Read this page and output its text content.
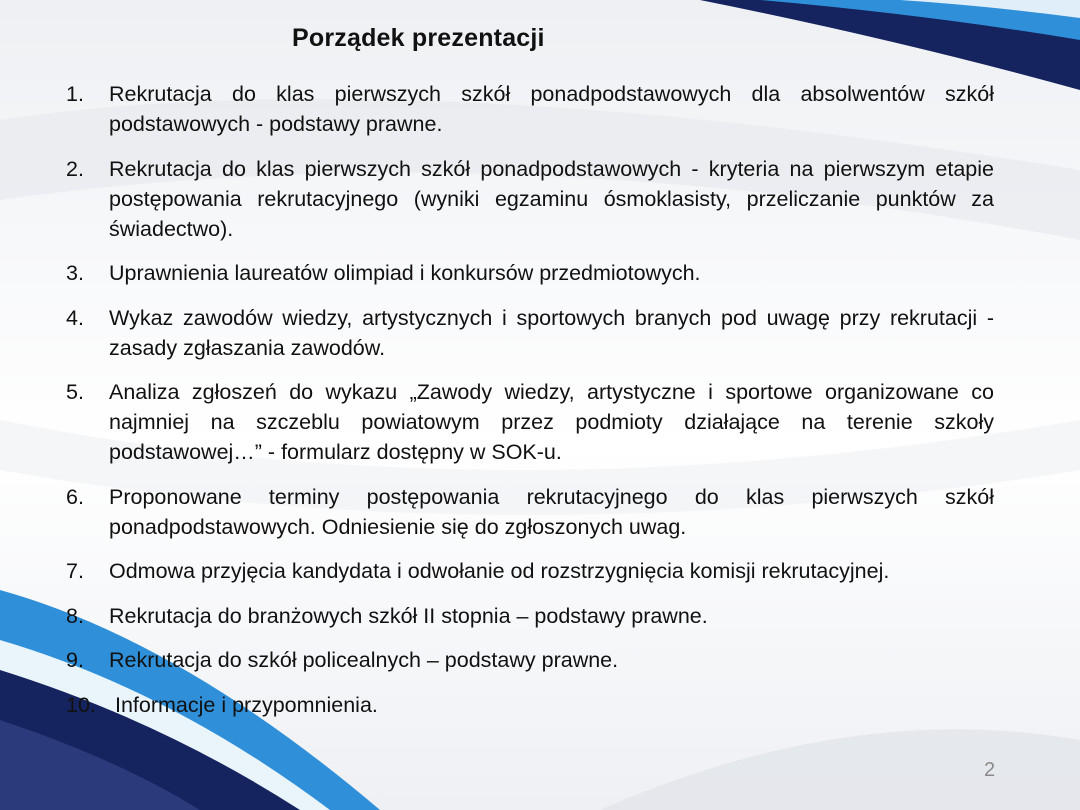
Porządek prezentacji
1. Rekrutacja do klas pierwszych szkół ponadpodstawowych dla absolwentów szkół podstawowych - podstawy prawne.
2. Rekrutacja do klas pierwszych szkół ponadpodstawowych - kryteria na pierwszym etapie postępowania rekrutacyjnego (wyniki egzaminu ósmoklasisty, przeliczanie punktów za świadectwo).
3. Uprawnienia laureatów olimpiad i konkursów przedmiotowych.
4. Wykaz zawodów wiedzy, artystycznych i sportowych branych pod uwagę przy rekrutacji - zasady zgłaszania zawodów.
5. Analiza zgłoszeń do wykazu „Zawody wiedzy, artystyczne i sportowe organizowane co najmniej na szczeblu powiatowym przez podmioty działające na terenie szkoły podstawowej…” - formularz dostępny w SOK-u.
6. Proponowane terminy postępowania rekrutacyjnego do klas pierwszych szkół ponadpodstawowych. Odniesienie się do zgłoszonych uwag.
7. Odmowa przyjęcia kandydata i odwołanie od rozstrzygnięcia komisji rekrutacyjnej.
8. Rekrutacja do branżowych szkół II stopnia – podstawy prawne.
9. Rekrutacja do szkół policealnych – podstawy prawne.
10. Informacje i przypomnienia.
2
